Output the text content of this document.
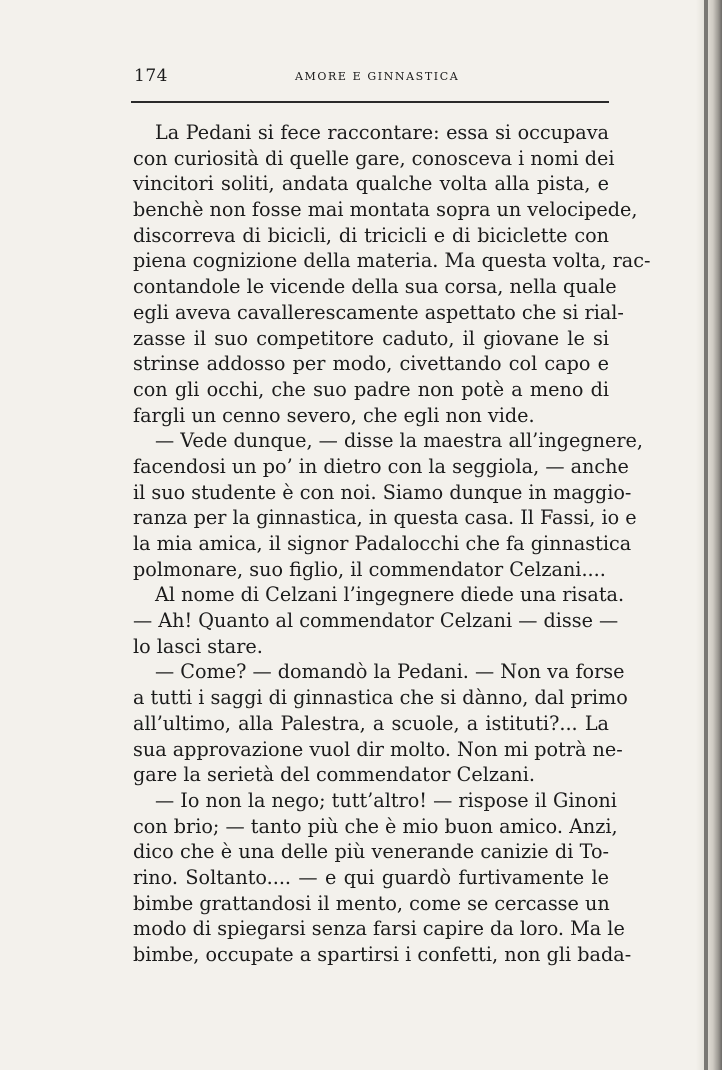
174	AMORE E GINNASTICA
La Pedani si fece raccontare: essa si occupava
con curiosità di quelle gare, conosceva i nomi dei
vincitori soliti, andata qualche volta alla pista, e
benchè non fosse mai montata sopra un velocipede,
discorreva di bicicli, di tricicli e di biciclette con
piena cognizione della materia. Ma questa volta, rac-
contandole le vicende della sua corsa, nella quale
egli aveva cavallerescamente aspettato che si rial-
zasse il suo competitore caduto, il giovane le si
strinse addosso per modo, civettando col capo e
con gli occhi, che suo padre non potè a meno di
fargli un cenno severo, che egli non vide.
— Vede dunque, — disse la maestra all’ingegnere,
facendosi un po’ in dietro con la seggiola, — anche
il suo studente è con noi. Siamo dunque in maggio-
ranza per la ginnastica, in questa casa. Il Fassi, io e
la mia amica, il signor Padalocchi che fa ginnastica
polmonare, suo figlio, il commendator Celzani....
Al nome di Celzani l’ingegnere diede una risata.
— Ah! Quanto al commendator Celzani — disse —
lo lasci stare.
— Come? — domandò la Pedani. — Non va forse
a tutti i saggi di ginnastica che si dànno, dal primo
all’ultimo, alla Palestra, a scuole, a istituti?... La
sua approvazione vuol dir molto. Non mi potrà ne-
gare la serietà del commendator Celzani.
— Io non la nego; tutt’altro! — rispose il Ginoni
con brio; — tanto più che è mio buon amico. Anzi,
dico che è una delle più venerande canizie di To-
rino. Soltanto.... — e qui guardò furtivamente le
bimbe grattandosi il mento, come se cercasse un
modo di spiegarsi senza farsi capire da loro. Ma le
bimbe, occupate a spartirsi i confetti, non gli bada-
